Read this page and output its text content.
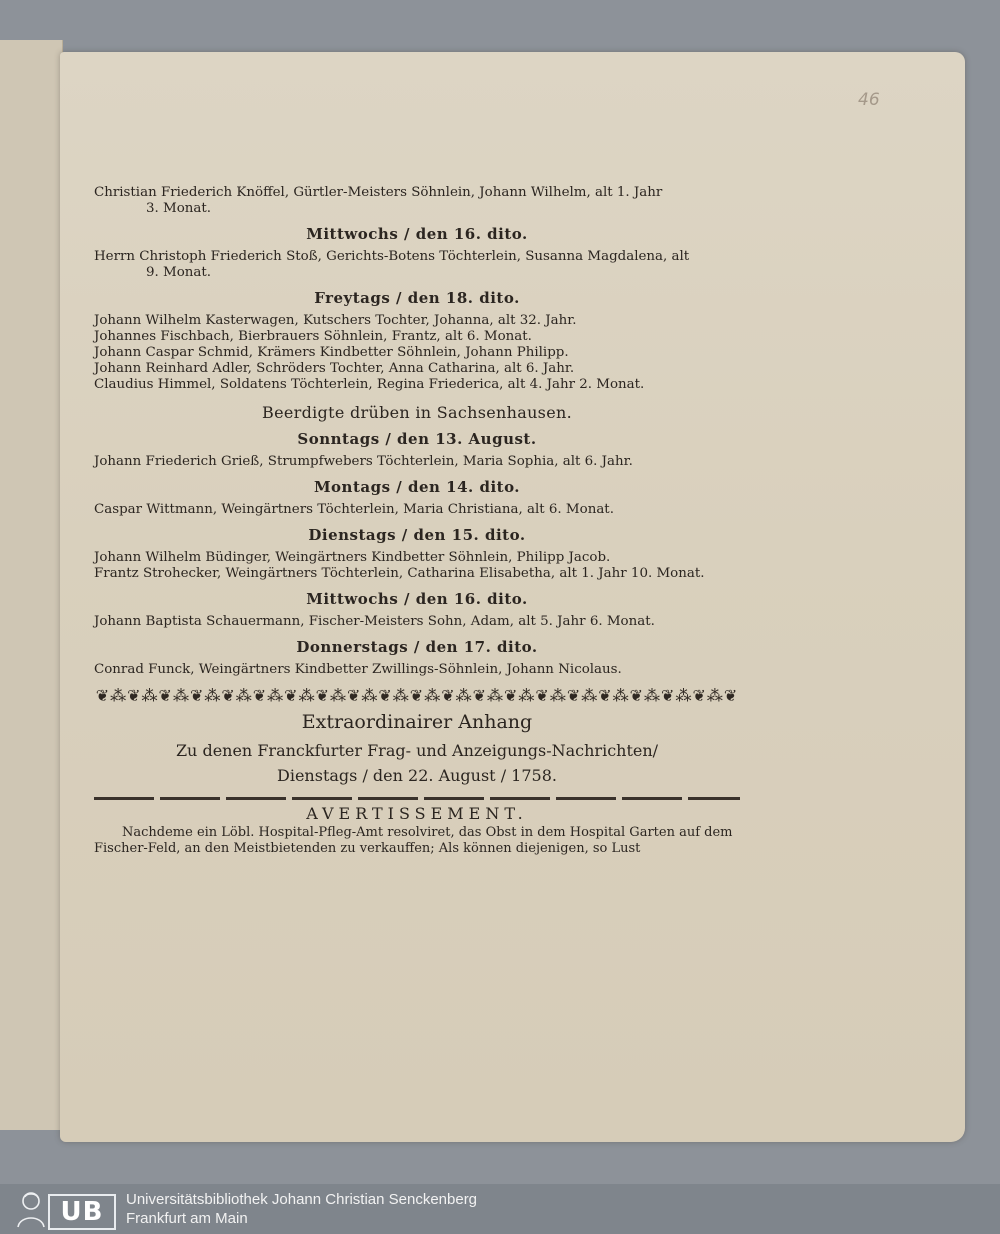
46

Christian Friederich Knöffel, Gürtler-Meisters Söhnlein, Johann Wilhelm, alt 1. Jahr
3. Monat.

Mittwochs / den 16. dito.

Herrn Christoph Friederich Stoß, Gerichts-Botens Töchterlein, Susanna Magdalena, alt
9. Monat.

Freytags / den 18. dito.

Johann Wilhelm Kasterwagen, Kutschers Tochter, Johanna, alt 32. Jahr.

Johannes Fischbach, Bierbrauers Söhnlein, Frantz, alt 6. Monat.

Johann Caspar Schmid, Krämers Kindbetter Söhnlein, Johann Philipp.

Johann Reinhard Adler, Schröders Tochter, Anna Catharina, alt 6. Jahr.

Claudius Himmel, Soldatens Töchterlein, Regina Friederica, alt 4. Jahr 2. Monat.

Beerdigte drüben in Sachsenhausen.
Sonntags / den 13. August.

Johann Friederich Grieß, Strumpfwebers Töchterlein, Maria Sophia, alt 6. Jahr.

Montags / den 14. dito.

Caspar Wittmann, Weingärtners Töchterlein, Maria Christiana, alt 6. Monat.

Dienstags / den 15. dito.

Johann Wilhelm Büdinger, Weingärtners Kindbetter Söhnlein, Philipp Jacob.

Frantz Strohecker, Weingärtners Töchterlein, Catharina Elisabetha, alt 1. Jahr 10. Monat.

Mittwochs / den 16. dito.

Johann Baptista Schauermann, Fischer-Meisters Sohn, Adam, alt 5. Jahr 6. Monat.

Donnerstags / den 17. dito.

Conrad Funck, Weingärtners Kindbetter Zwillings-Söhnlein, Johann Nicolaus.

❦⁂❦⁂❦⁂❦⁂❦⁂❦⁂❦⁂❦⁂❦⁂❦⁂❦⁂❦⁂❦⁂❦⁂❦⁂❦⁂❦⁂❦⁂❦⁂❦⁂❦
Extraordinairer Anhang
Zu denen Franckfurter Frag- und Anzeigungs-Nachrichten/
Dienstags / den 22. August / 1758.
AVERTISSEMENT.

Nachdeme ein Löbl. Hospital-Pfleg-Amt resolviret, das Obst in dem Hospital Garten auf dem Fischer-Feld, an den Meistbietenden zu verkauffen; Als können diejenigen, so Lust

UB	Universitätsbibliothek Johann Christian Senckenberg
Frankfurt am Main
